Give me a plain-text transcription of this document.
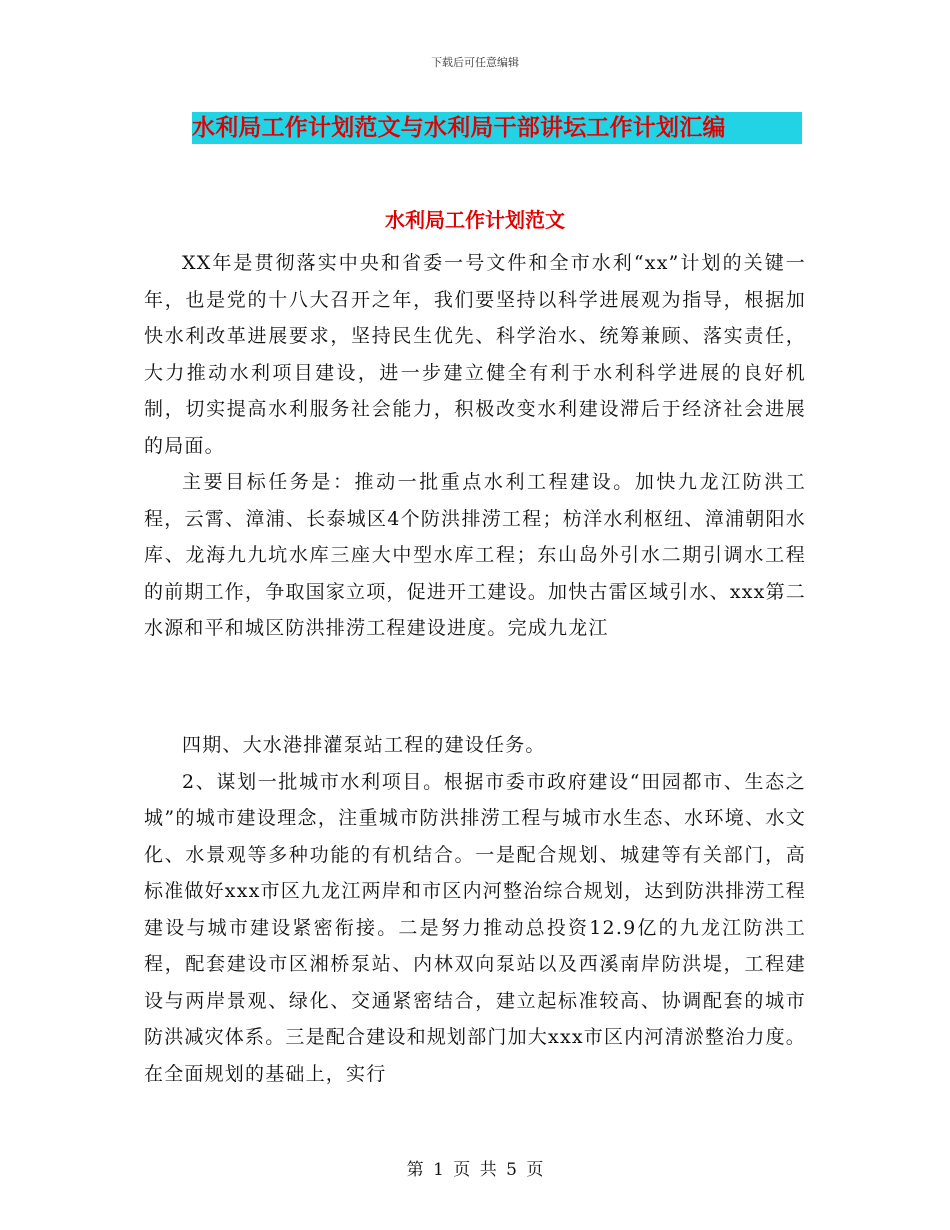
下载后可任意编辑
水利局工作计划范文与水利局干部讲坛工作计划汇编
水利局工作计划范文

XX年是贯彻落实中央和省委一号文件和全市水利“xx”计划的关键一年，也是党的十八大召开之年，我们要坚持以科学进展观为指导，根据加快水利改革进展要求，坚持民生优先、科学治水、统筹兼顾、落实责任，大力推动水利项目建设，进一步建立健全有利于水利科学进展的良好机制，切实提高水利服务社会能力，积极改变水利建设滞后于经济社会进展的局面。

主要目标任务是：推动一批重点水利工程建设。加快九龙江防洪工程，云霄、漳浦、长泰城区4个防洪排涝工程；枋洋水利枢纽、漳浦朝阳水库、龙海九九坑水库三座大中型水库工程；东山岛外引水二期引调水工程的前期工作，争取国家立项，促进开工建设。加快古雷区域引水、xxx第二水源和平和城区防洪排涝工程建设进度。完成九龙江

四期、大水港排灌泵站工程的建设任务。

2、谋划一批城市水利项目。根据市委市政府建设“田园都市、生态之城”的城市建设理念，注重城市防洪排涝工程与城市水生态、水环境、水文化、水景观等多种功能的有机结合。一是配合规划、城建等有关部门，高标准做好xxx市区九龙江两岸和市区内河整治综合规划，达到防洪排涝工程建设与城市建设紧密衔接。二是努力推动总投资12.9亿的九龙江防洪工程，配套建设市区湘桥泵站、内林双向泵站以及西溪南岸防洪堤，工程建设与两岸景观、绿化、交通紧密结合，建立起标准较高、协调配套的城市防洪减灾体系。三是配合建设和规划部门加大xxx市区内河清淤整治力度。在全面规划的基础上，实行

第 1 页 共 5 页
